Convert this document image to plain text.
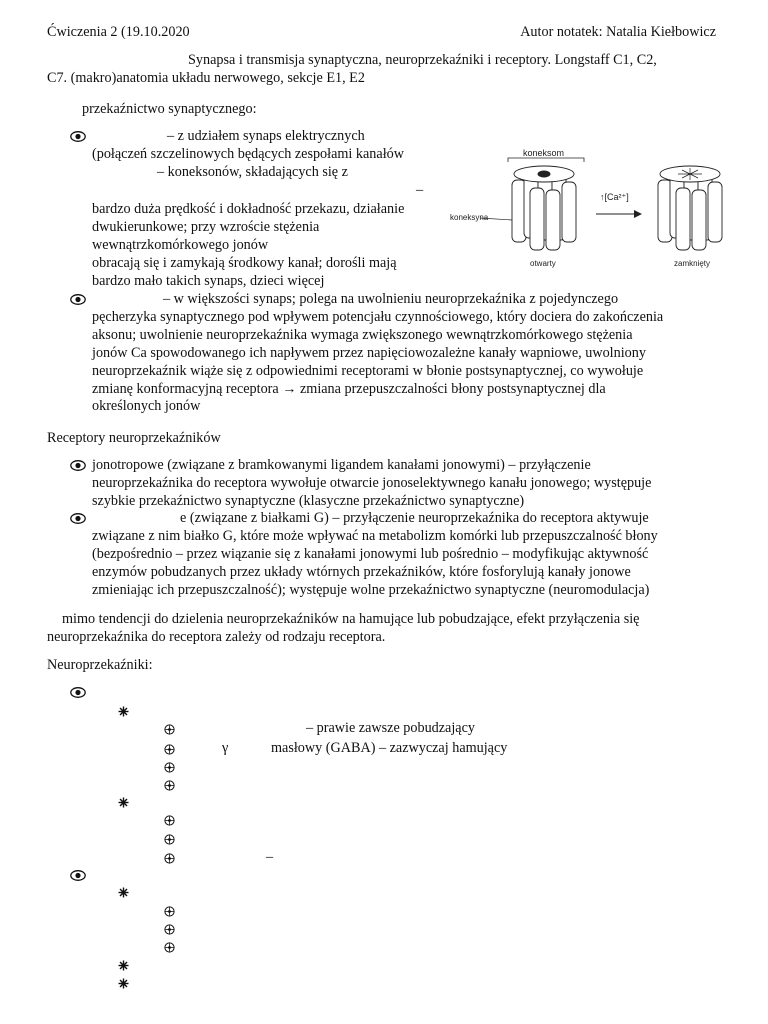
Ćwiczenia 2 (19.10.2020	Autor notatek: Natalia Kiełbowicz
Synapsa i transmisja synaptyczna, neuroprzekaźniki i receptory. Longstaff C1, C2,
C7. (makro)anatomia układu nerwowego, sekcje E1, E2
przekaźnictwo synaptycznego:
– z udziałem synaps elektrycznych
(połączeń szczelinowych będących zespołami kanałów
– koneksonów, składających się z
–
bardzo duża prędkość i dokładność przekazu, działanie
dwukierunkowe; przy wzroście stężenia
wewnątrzkomórkowego jonów
obracają się i zamykają środkowy kanał; dorośli mają
bardzo mało takich synaps, dzieci więcej
koneksom
koneksyna
otwarty
↑[Ca²⁺]
zamknięty
– w większości synaps; polega na uwolnieniu neuroprzekaźnika z pojedynczego
pęcherzyka synaptycznego pod wpływem potencjału czynnościowego, który dociera do zakończenia
aksonu; uwolnienie neuroprzekaźnika wymaga zwiększonego wewnątrzkomórkowego stężenia
jonów Ca spowodowanego ich napływem przez napięciowozależne kanały wapniowe, uwolniony
neuroprzekaźnik wiąże się z odpowiednimi receptorami w błonie postsynaptycznej, co wywołuje
zmianę konformacyjną receptora → zmiana przepuszczalności błony postsynaptycznej dla
określonych jonów
Receptory neuroprzekaźników
jonotropowe (związane z bramkowanymi ligandem kanałami jonowymi) – przyłączenie
neuroprzekaźnika do receptora wywołuje otwarcie jonoselektywnego kanału jonowego; występuje
szybkie przekaźnictwo synaptyczne (klasyczne przekaźnictwo synaptyczne)
e (związane z białkami G) – przyłączenie neuroprzekaźnika do receptora aktywuje
związane z nim białko G, które może wpływać na metabolizm komórki lub przepuszczalność błony
(bezpośrednio – przez wiązanie się z kanałami jonowymi lub pośrednio – modyfikując aktywność
enzymów pobudzanych przez układy wtórnych przekaźników, które fosforylują kanały jonowe
zmieniając ich przepuszczalność); występuje wolne przekaźnictwo synaptyczne (neuromodulacja)
mimo tendencji do dzielenia neuroprzekaźników na hamujące lub pobudzające, efekt przyłączenia się
neuroprzekaźnika do receptora zależy od rodzaju receptora.
Neuroprzekaźniki:
– prawie zawsze pobudzający
γ	masłowy (GABA) – zazwyczaj hamujący
–
